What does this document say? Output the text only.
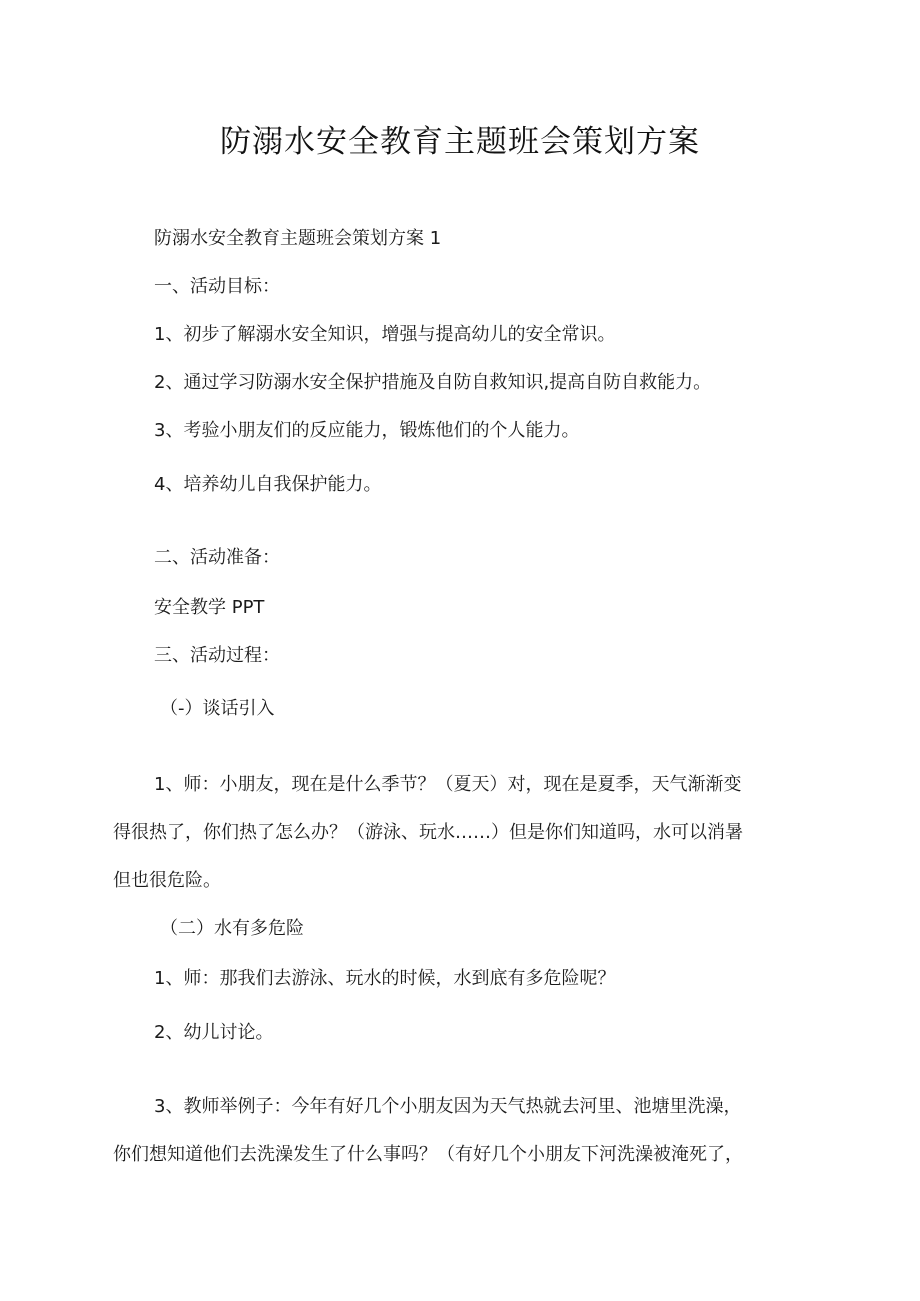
防溺水安全教育主题班会策划方案

防溺水安全教育主题班会策划方案 1

一、活动目标：

1、初步了解溺水安全知识，增强与提高幼儿的安全常识。

2、通过学习防溺水安全保护措施及自防自救知识,提高自防自救能力。

3、考验小朋友们的反应能力，锻炼他们的个人能力。

4、培养幼儿自我保护能力。

二、活动准备：

安全教学 PPT

三、活动过程：

（-）谈话引入

1、师：小朋友，现在是什么季节？（夏天）对，现在是夏季，天气渐渐变

得很热了，你们热了怎么办？（游泳、玩水……）但是你们知道吗，水可以消暑

但也很危险。

（二）水有多危险

1、师：那我们去游泳、玩水的时候，水到底有多危险呢？

2、幼儿讨论。

3、教师举例子：今年有好几个小朋友因为天气热就去河里、池塘里洗澡，

你们想知道他们去洗澡发生了什么事吗？（有好几个小朋友下河洗澡被淹死了，
